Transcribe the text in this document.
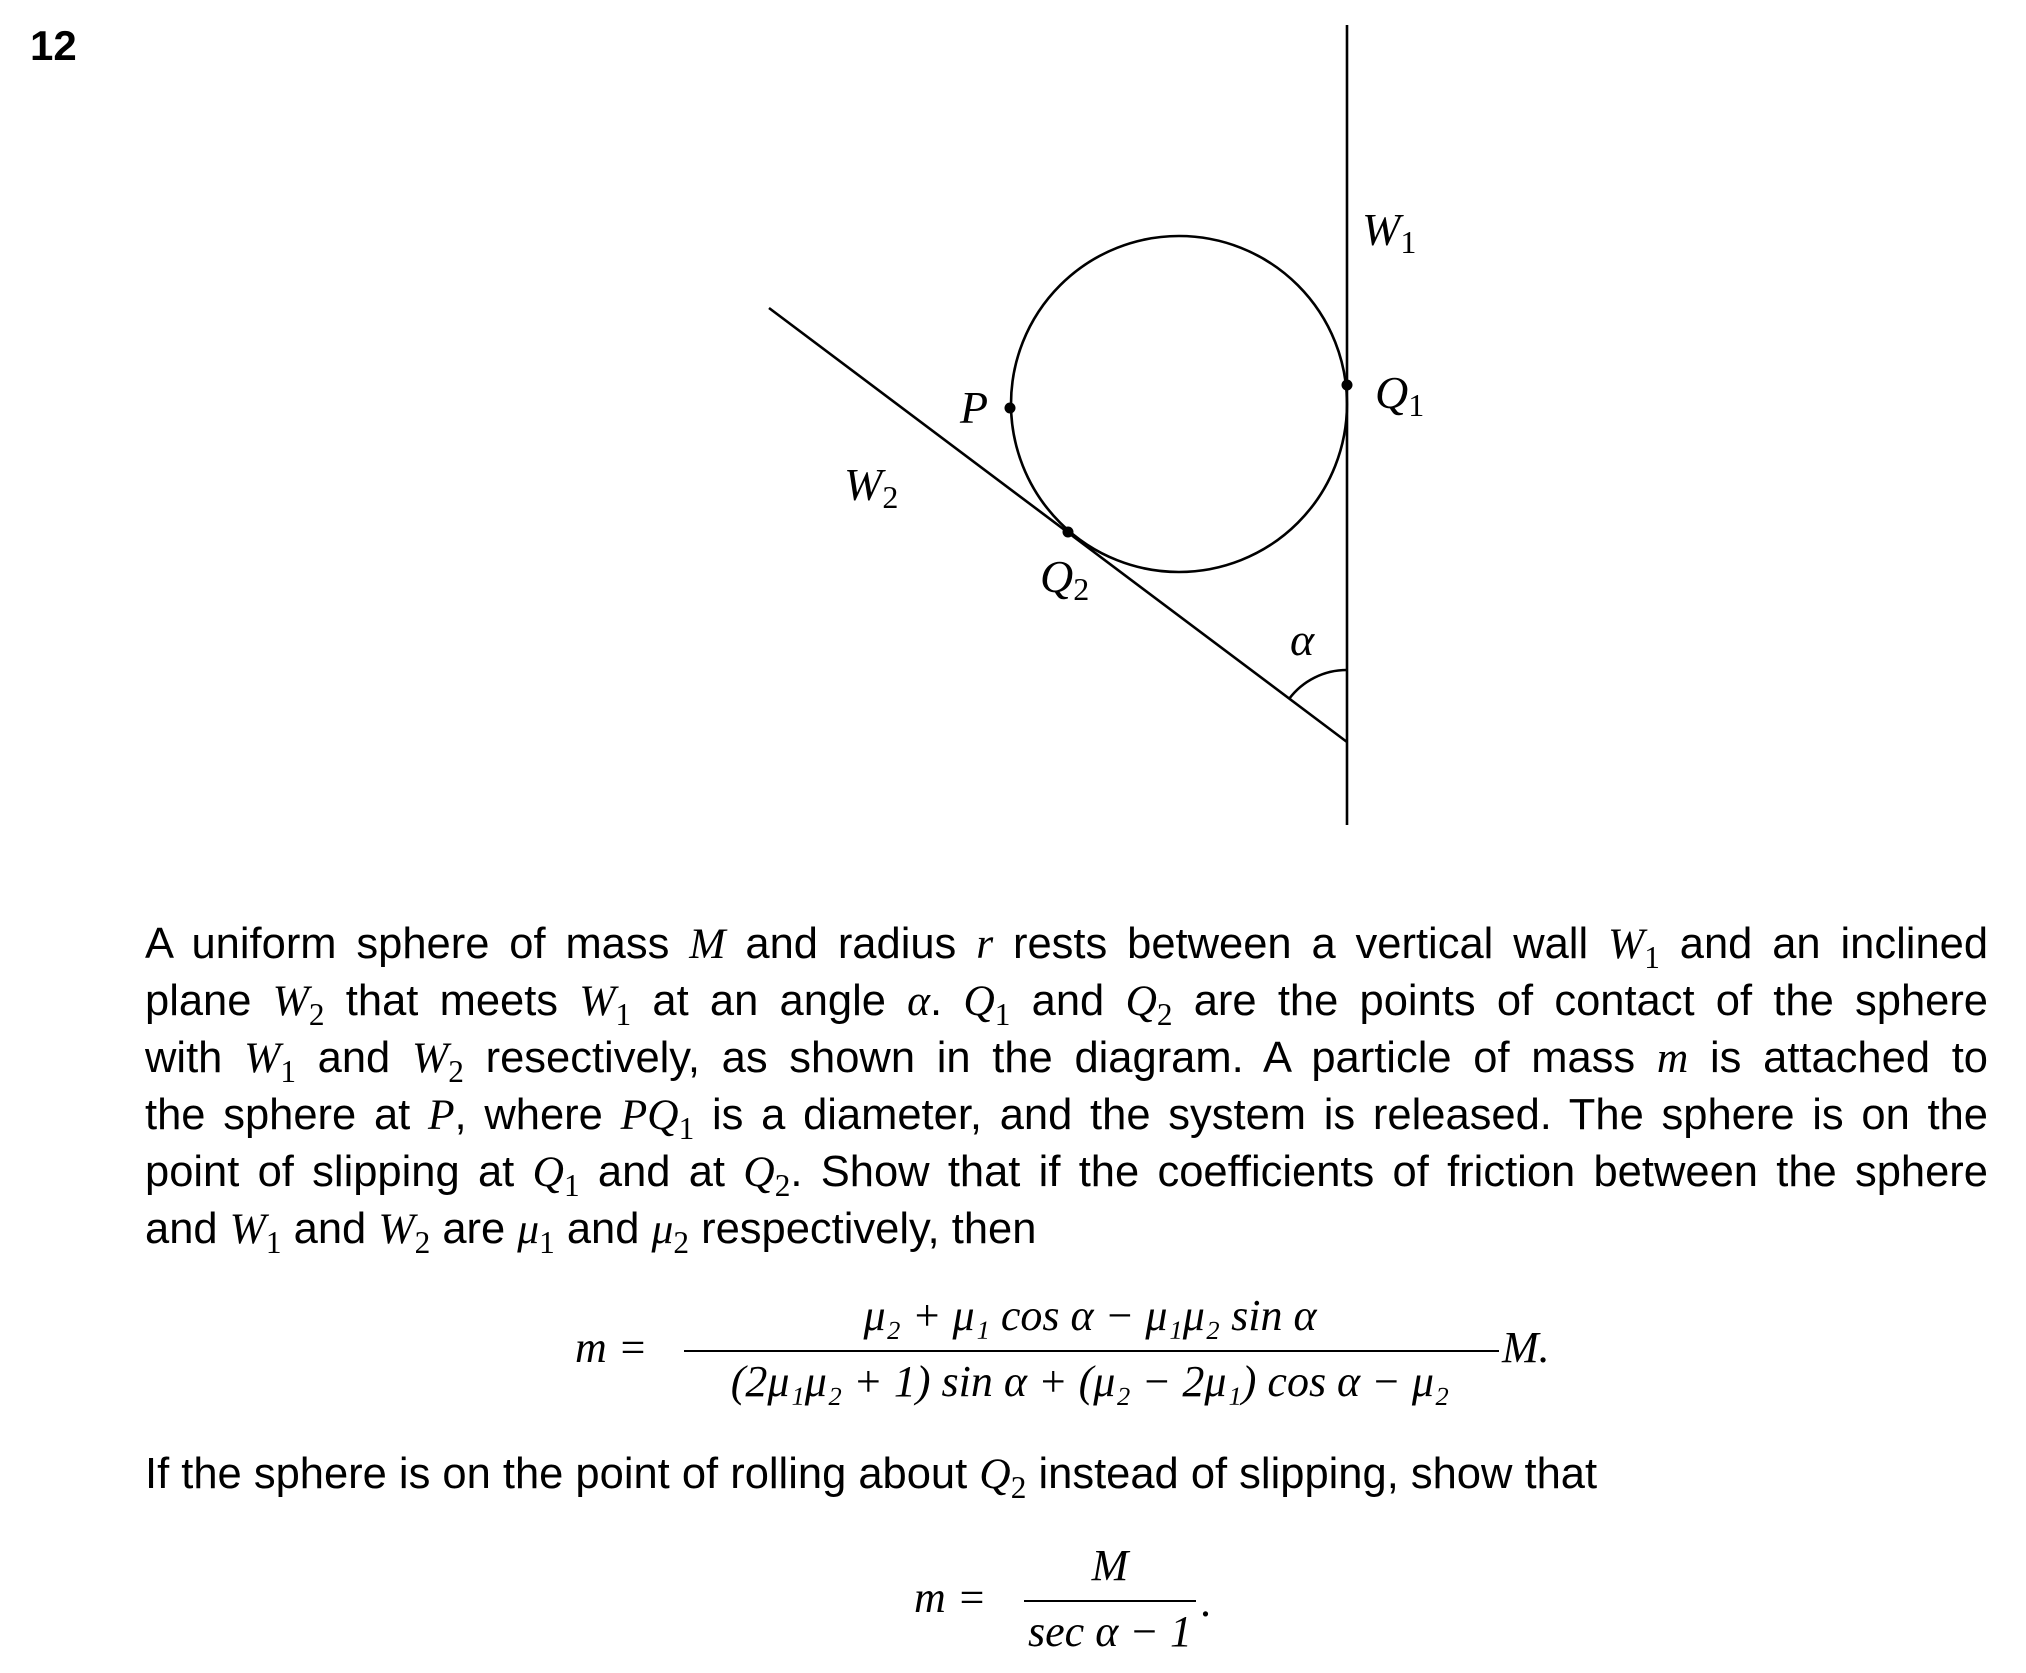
12
W1
Q1
P
W2
Q2
α

A uniform sphere of mass M and radius r rests between a vertical wall $W_1$ and an inclined

plane $W_2$ that meets $W_1$ at an angle α. $Q_1$ and $Q_2$ are the points of contact of the sphere

with $W_1$ and $W_2$ resectively, as shown in the diagram. A particle of mass m is attached to

the sphere at P, where $PQ_1$ is a diameter, and the system is released. The sphere is on the

point of slipping at $Q_1$ and at $Q_2$. Show that if the coefficients of friction between the sphere

and $W_1$ and $W_2$ are $\mu_1$ and $\mu_2$ respectively, then

m =
μ₂ + μ₁ cos α − μ₁μ₂ sin α
(2μ₁μ₂ + 1) sin α + (μ₂ − 2μ₁) cos α − μ₂
M.

If the sphere is on the point of rolling about $Q_2$ instead of slipping, show that

m =
M
sec α − 1
.
